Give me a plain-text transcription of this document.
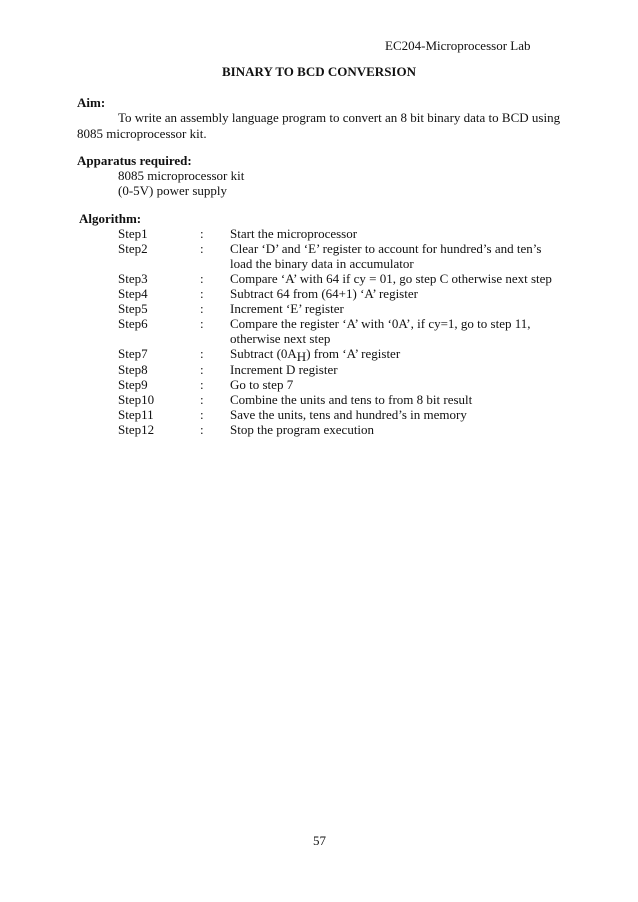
EC204-Microprocessor Lab
BINARY TO BCD CONVERSION
Aim:
To write an assembly language program to convert an 8 bit binary data to BCD using
8085 microprocessor kit.
Apparatus required:
8085 microprocessor kit
(0-5V) power supply
Algorithm:
Step1	: Start the microprocessor
Step2	: Clear ‘D’ and ‘E’ register to account for hundred’s and ten’s load the binary data in accumulator
Step3	: Compare ‘A’ with 64 if cy = 01, go step C otherwise next step
Step4	: Subtract 64 from (64+1) ‘A’ register
Step5	: Increment ‘E’ register
Step6	: Compare the register ‘A’ with ‘0A’, if cy=1, go to step 11, otherwise next step
Step7	: Subtract $(0A_H)$ from ‘A’ register
Step8	: Increment D register
Step9	: Go to step 7
Step10	: Combine the units and tens to from 8 bit result
Step11	: Save the units, tens and hundred’s in memory
Step12	: Stop the program execution
57
